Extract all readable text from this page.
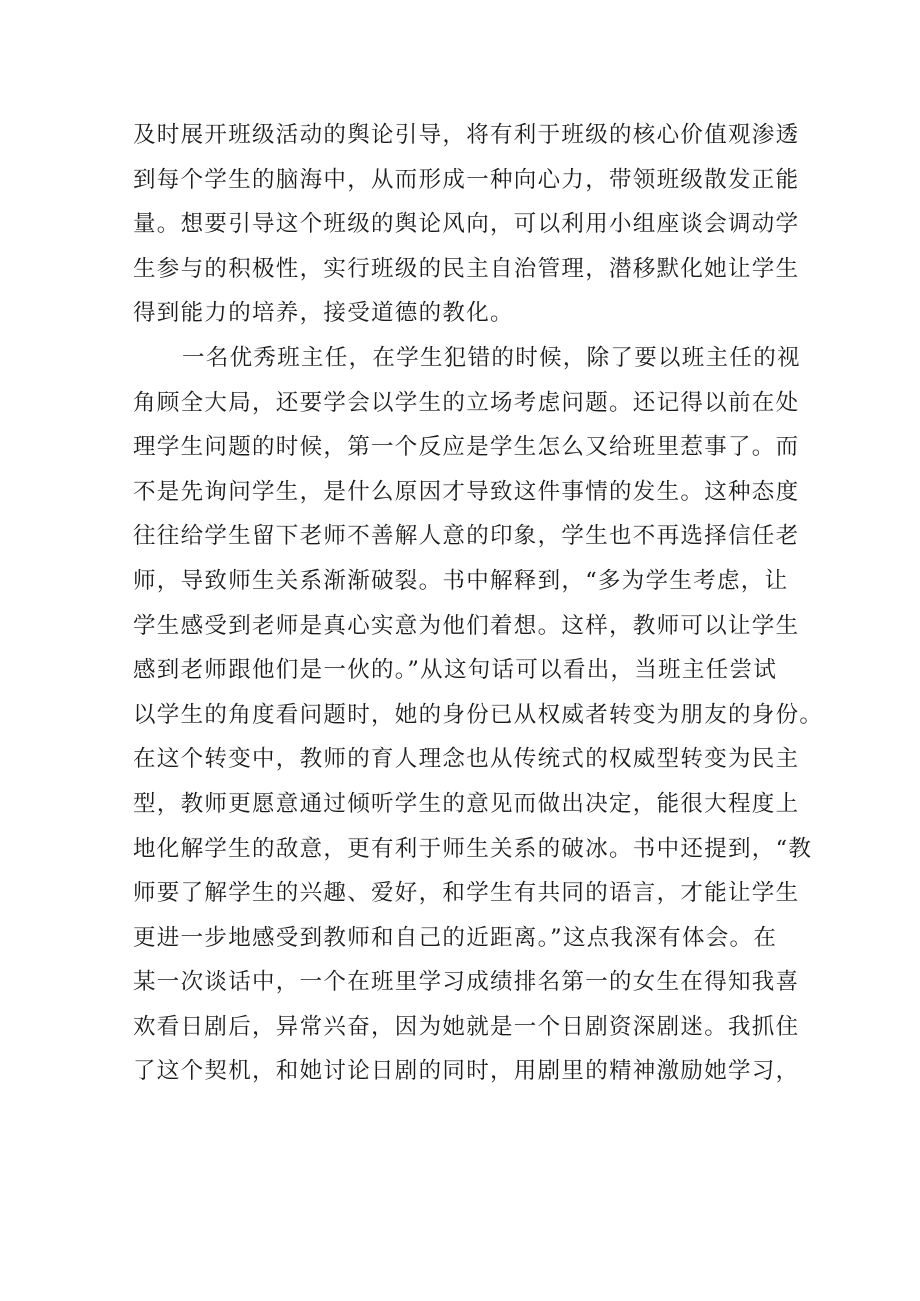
及时展开班级活动的舆论引导，将有利于班级的核心价值观渗透
到每个学生的脑海中，从而形成一种向心力，带领班级散发正能
量。想要引导这个班级的舆论风向，可以利用小组座谈会调动学
生参与的积极性，实行班级的民主自治管理，潜移默化她让学生
得到能力的培养，接受道德的教化。
一名优秀班主任，在学生犯错的时候，除了要以班主任的视
角顾全大局，还要学会以学生的立场考虑问题。还记得以前在处
理学生问题的时候，第一个反应是学生怎么又给班里惹事了。而
不是先询问学生，是什么原因才导致这件事情的发生。这种态度
往往给学生留下老师不善解人意的印象，学生也不再选择信任老
师，导致师生关系渐渐破裂。书中解释到，“多为学生考虑，让
学生感受到老师是真心实意为他们着想。这样，教师可以让学生
感到老师跟他们是一伙的。”从这句话可以看出，当班主任尝试
以学生的角度看问题时，她的身份已从权威者转变为朋友的身份。
在这个转变中，教师的育人理念也从传统式的权威型转变为民主
型，教师更愿意通过倾听学生的意见而做出决定，能很大程度上
地化解学生的敌意，更有利于师生关系的破冰。书中还提到，“教
师要了解学生的兴趣、爱好，和学生有共同的语言，才能让学生
更进一步地感受到教师和自己的近距离。”这点我深有体会。在
某一次谈话中，一个在班里学习成绩排名第一的女生在得知我喜
欢看日剧后，异常兴奋，因为她就是一个日剧资深剧迷。我抓住
了这个契机，和她讨论日剧的同时，用剧里的精神激励她学习，
